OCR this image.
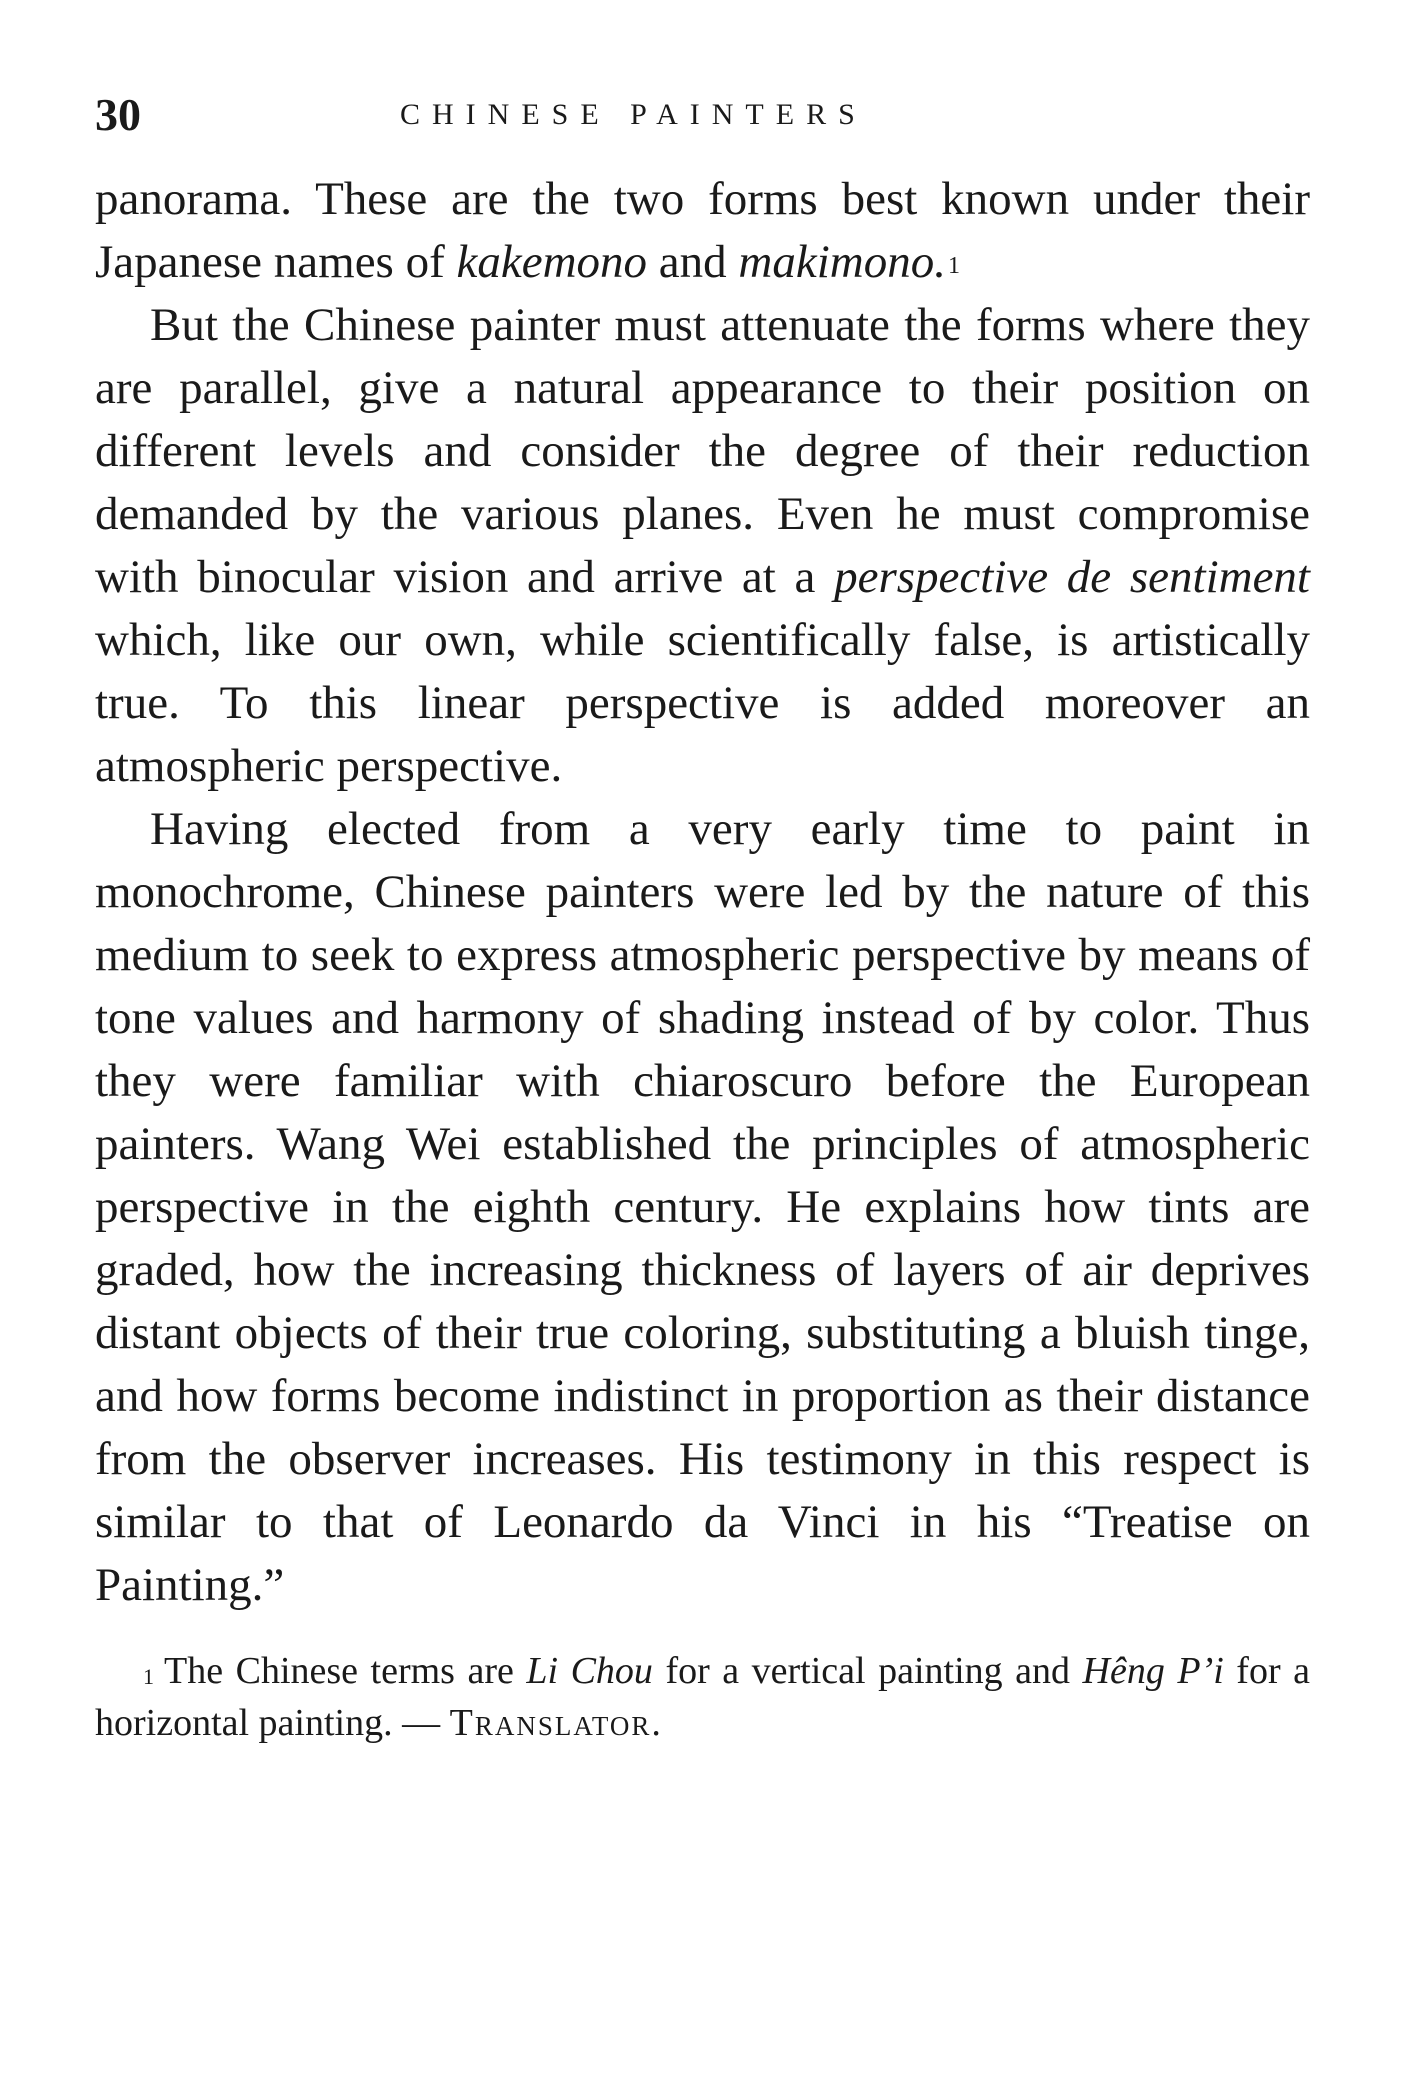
30	CHINESE PAINTERS

panorama. These are the two forms best known under their Japanese names of kakemono and makimono.$^1$

But the Chinese painter must attenuate the forms where they are parallel, give a natural appearance to their position on different levels and consider the degree of their reduction demanded by the various planes. Even he must compromise with binocular vision and arrive at a perspective de sentiment which, like our own, while scientifically false, is artistically true. To this linear perspective is added moreover an atmospheric perspective.

Having elected from a very early time to paint in monochrome, Chinese painters were led by the nature of this medium to seek to express atmospheric perspective by means of tone values and harmony of shading instead of by color. Thus they were familiar with chiaroscuro before the European painters. Wang Wei established the principles of atmospheric perspective in the eighth century. He explains how tints are graded, how the increasing thickness of layers of air deprives distant objects of their true coloring, substituting a bluish tinge, and how forms become indistinct in proportion as their distance from the observer increases. His testimony in this respect is similar to that of Leonardo da Vinci in his “Treatise on Painting.”

$^1$ The Chinese terms are Li Chou for a vertical painting and Hêng P’i for a horizontal painting. — Translator.
